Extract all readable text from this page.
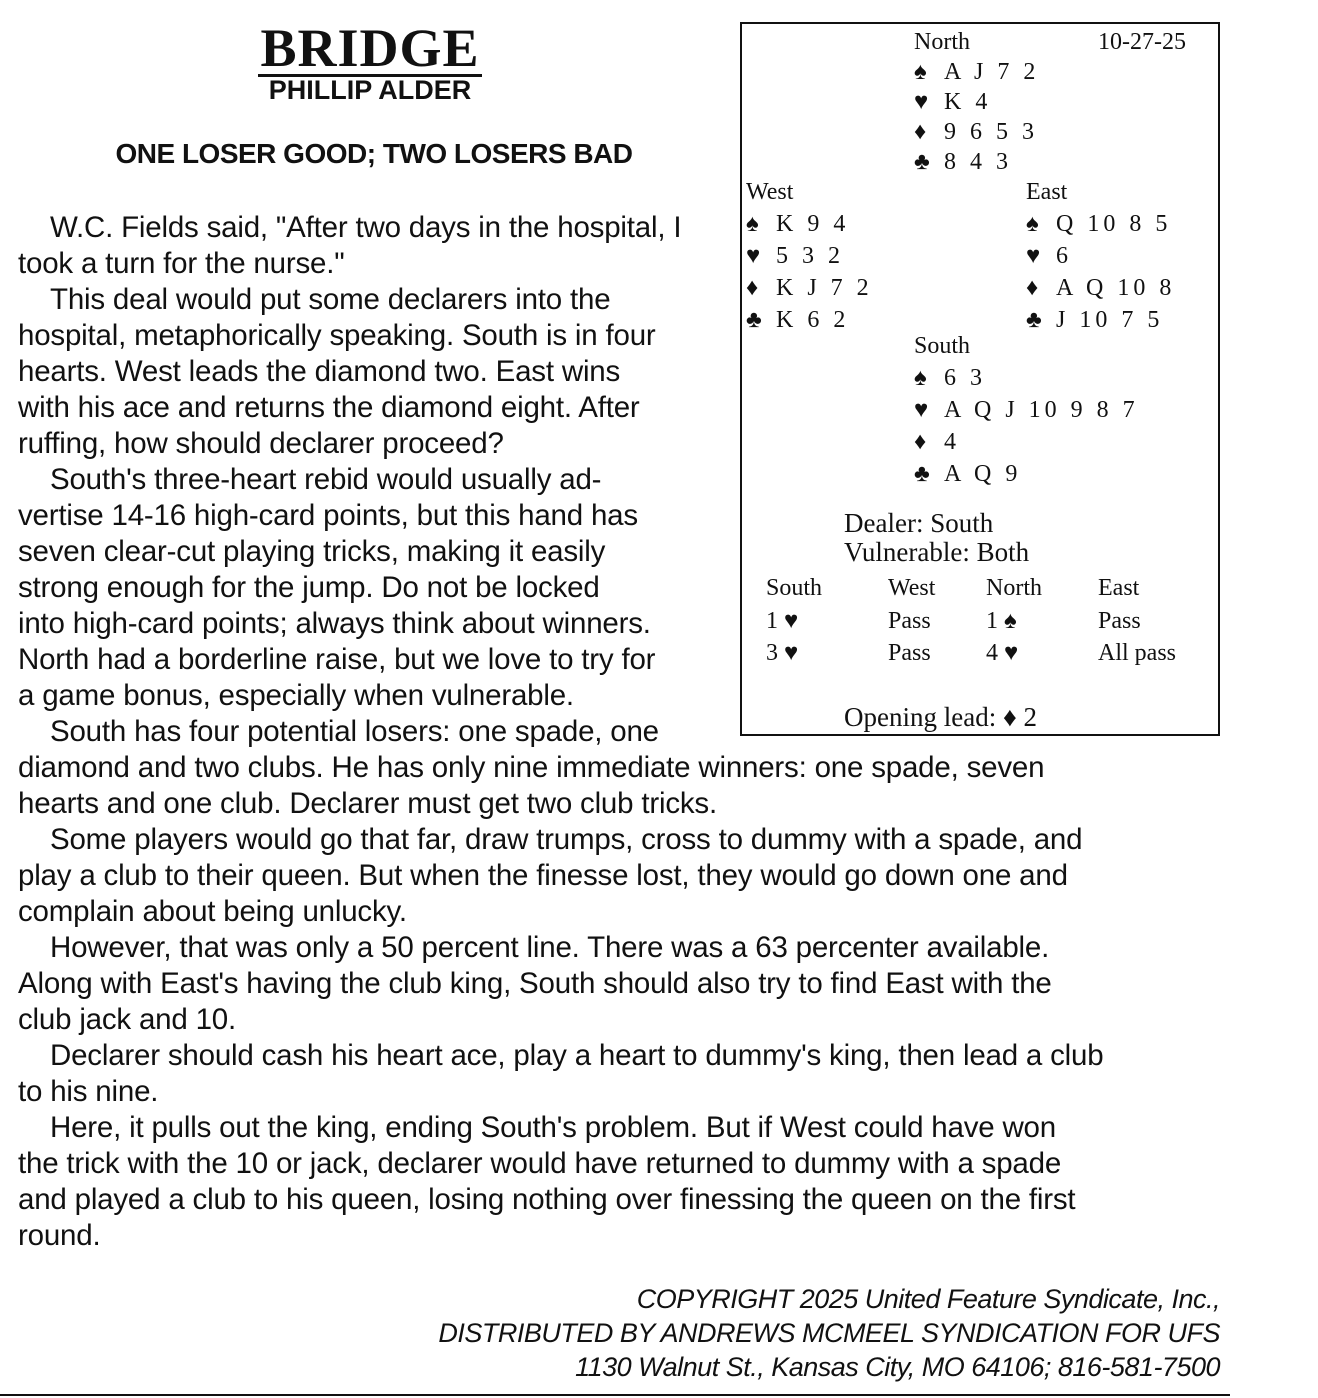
BRIDGE
PHILLIP ALDER
ONE LOSER GOOD; TWO LOSERS BAD
W.C. Fields said, "After two days in the hospital, I
took a turn for the nurse."
This deal would put some declarers into the
hospital, metaphorically speaking. South is in four
hearts. West leads the diamond two. East wins
with his ace and returns the diamond eight. After
ruffing, how should declarer proceed?
South's three-heart rebid would usually ad-
vertise 14-16 high-card points, but this hand has
seven clear-cut playing tricks, making it easily
strong enough for the jump. Do not be locked
into high-card points; always think about winners.
North had a borderline raise, but we love to try for
a game bonus, especially when vulnerable.
South has four potential losers: one spade, one
diamond and two clubs. He has only nine immediate winners: one spade, seven
hearts and one club. Declarer must get two club tricks.
Some players would go that far, draw trumps, cross to dummy with a spade, and
play a club to their queen. But when the finesse lost, they would go down one and
complain about being unlucky.
However, that was only a 50 percent line. There was a 63 percenter available.
Along with East's having the club king, South should also try to find East with the
club jack and 10.
Declarer should cash his heart ace, play a heart to dummy's king, then lead a club
to his nine.
Here, it pulls out the king, ending South's problem. But if West could have won
the trick with the 10 or jack, declarer would have returned to dummy with a spade
and played a club to his queen, losing nothing over finessing the queen on the first
round.
North	10-27-25
♠ A J 7 2
♥ K 4
♦ 9 6 5 3
♣ 8 4 3
West
♠ K 9 4
♥ 5 3 2
♦ K J 7 2
♣ K 6 2
East
♠ Q 10 8 5
♥ 6
♦ A Q 10 8
♣ J 10 7 5
South
♠ 6 3
♥ A Q J 10 9 8 7
♦ 4
♣ A Q 9
Dealer: South
Vulnerable: Both
South	West North East
1 ♥	Pass 1 ♠	Pass
3 ♥	Pass 4 ♥	All pass
Opening lead: ♦ 2
COPYRIGHT 2025 United Feature Syndicate, Inc.,
DISTRIBUTED BY ANDREWS MCMEEL SYNDICATION FOR UFS
1130 Walnut St., Kansas City, MO 64106; 816-581-7500
